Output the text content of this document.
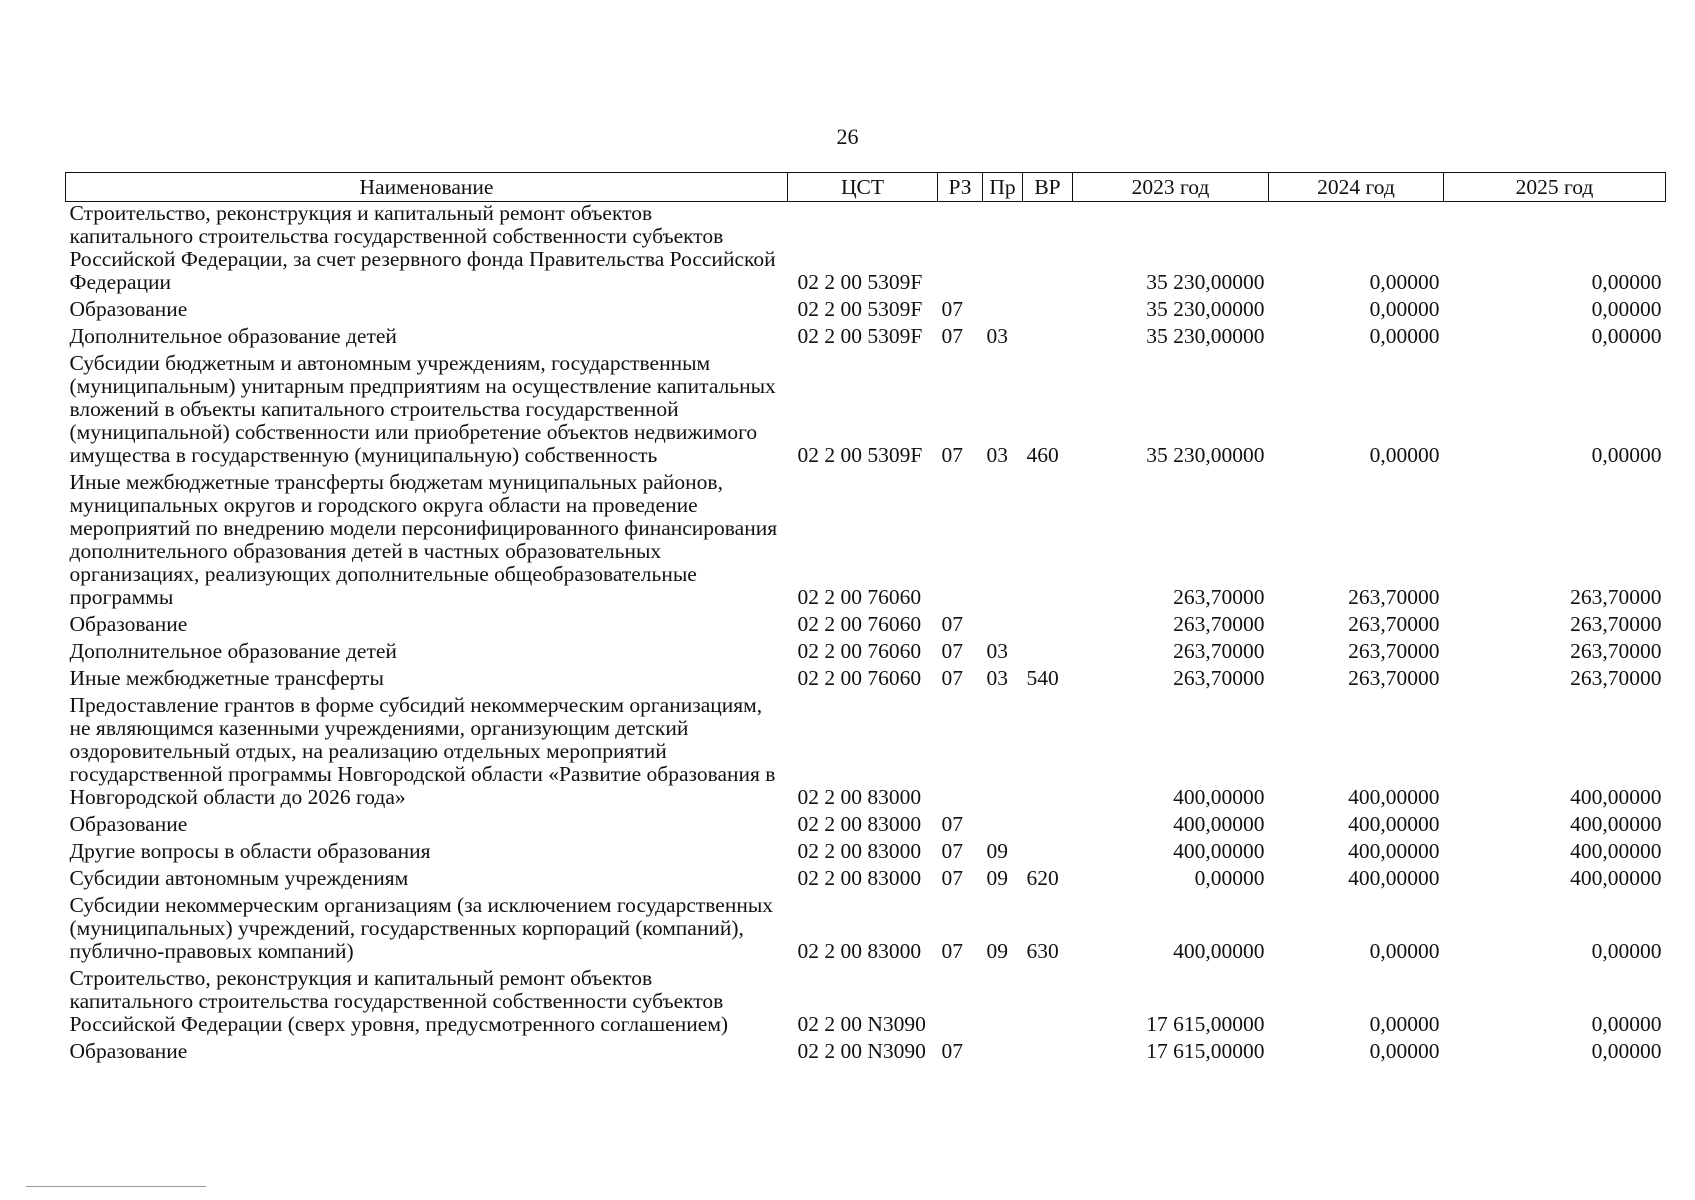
26
Наименование	ЦСТ	РЗ	Пр	ВР	2023 год	2024 год	2025 год
Строительство, реконструкция и капитальный ремонт объектов капитального строительства государственной собственности субъектов Российской Федерации, за счет резервного фонда Правительства Российской Федерации	02 2 00 5309F				35 230,00000	0,00000	0,00000
Образование	02 2 00 5309F	07			35 230,00000	0,00000	0,00000
Дополнительное образование детей	02 2 00 5309F	07	03		35 230,00000	0,00000	0,00000
Субсидии бюджетным и автономным учреждениям, государственным (муниципальным) унитарным предприятиям на осуществление капитальных вложений в объекты капитального строительства государственной (муниципальной) собственности или приобретение объектов недвижимого имущества в государственную (муниципальную) собственность	02 2 00 5309F	07	03	460	35 230,00000	0,00000	0,00000
Иные межбюджетные трансферты бюджетам муниципальных районов, муниципальных округов и городского округа области на проведение мероприятий по внедрению модели персонифицированного финансирования дополнительного образования детей в частных образовательных организациях, реализующих дополнительные общеобразовательные программы	02 2 00 76060				263,70000	263,70000	263,70000
Образование	02 2 00 76060	07			263,70000	263,70000	263,70000
Дополнительное образование детей	02 2 00 76060	07	03		263,70000	263,70000	263,70000
Иные межбюджетные трансферты	02 2 00 76060	07	03	540	263,70000	263,70000	263,70000
Предоставление грантов в форме субсидий некоммерческим организациям, не являющимся казенными учреждениями, организующим детский оздоровительный отдых, на реализацию отдельных мероприятий государственной программы Новгородской области «Развитие образования в Новгородской области до 2026 года»	02 2 00 83000				400,00000	400,00000	400,00000
Образование	02 2 00 83000	07			400,00000	400,00000	400,00000
Другие вопросы в области образования	02 2 00 83000	07	09		400,00000	400,00000	400,00000
Субсидии автономным учреждениям	02 2 00 83000	07	09	620	0,00000	400,00000	400,00000
Субсидии некоммерческим организациям (за исключением государственных (муниципальных) учреждений, государственных корпораций (компаний), публично-правовых компаний)	02 2 00 83000	07	09	630	400,00000	0,00000	0,00000
Строительство, реконструкция и капитальный ремонт объектов капитального строительства государственной собственности субъектов Российской Федерации (сверх уровня, предусмотренного соглашением)	02 2 00 N3090				17 615,00000	0,00000	0,00000
Образование	02 2 00 N3090	07			17 615,00000	0,00000	0,00000
